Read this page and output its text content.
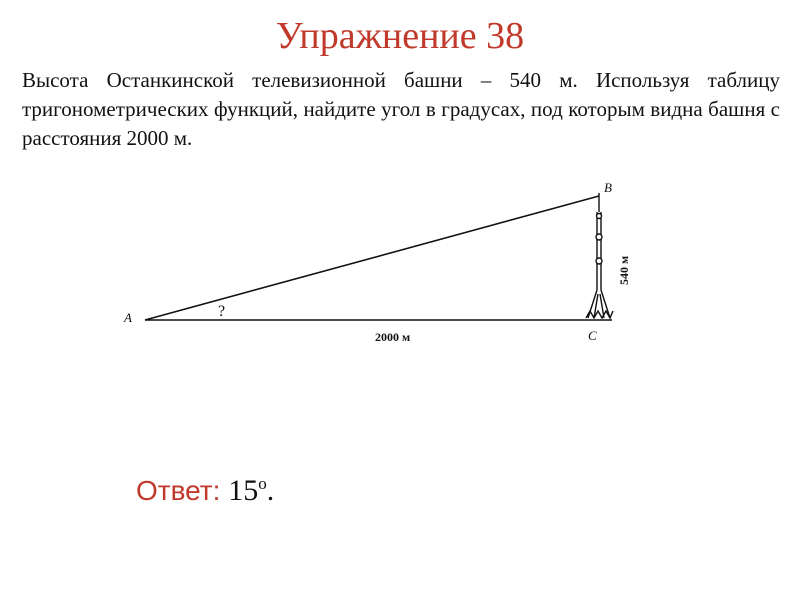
Упражнение 38
Высота Останкинской телевизионной башни – 540 м. Используя таблицу тригонометрических функций, найдите угол в градусах, под которым видна башня с расстояния 2000 м.
A
B
C
?
2000 м
540 м
Ответ: 15$^o$.
